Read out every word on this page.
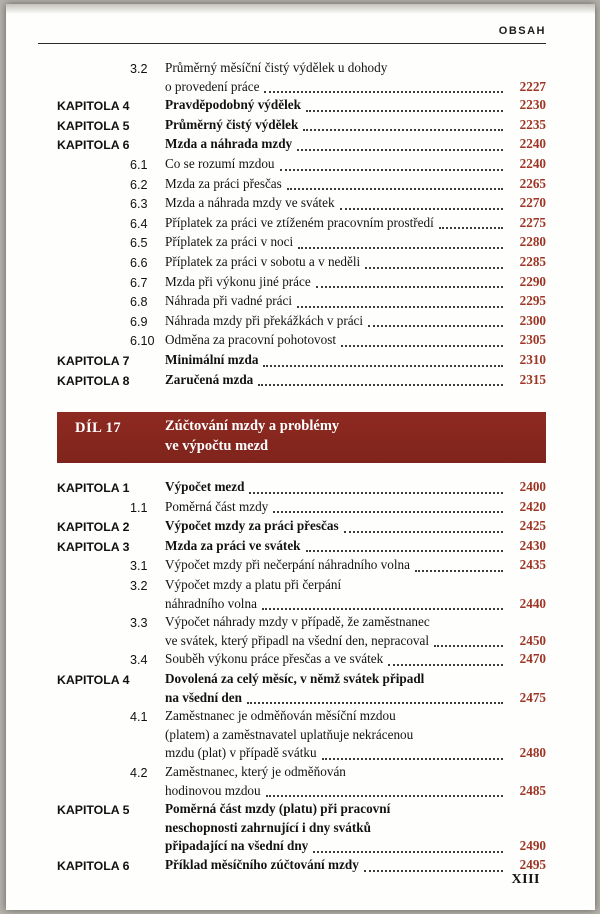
OBSAH
3.2	Průměrný měsíční čistý výdělek u dohody
o provedení práce	2227
KAPITOLA 4	Pravděpodobný výdělek	2230
KAPITOLA 5	Průměrný čistý výdělek	2235
KAPITOLA 6	Mzda a náhrada mzdy	2240
6.1	Co se rozumí mzdou	2240
6.2	Mzda za práci přesčas	2265
6.3	Mzda a náhrada mzdy ve svátek	2270
6.4	Příplatek za práci ve ztíženém pracovním prostředí	2275
6.5	Příplatek za práci v noci	2280
6.6	Příplatek za práci v sobotu a v neděli	2285
6.7	Mzda při výkonu jiné práce	2290
6.8	Náhrada při vadné práci	2295
6.9	Náhrada mzdy při překážkách v práci	2300
6.10 Odměna za pracovní pohotovost	2305
KAPITOLA 7	Minimální mzda	2310
KAPITOLA 8	Zaručená mzda	2315
DÍL 17	Zúčtování mzdy a problémy
ve výpočtu mezd
KAPITOLA 1	Výpočet mezd	2400
1.1	Poměrná část mzdy	2420
KAPITOLA 2	Výpočet mzdy za práci přesčas	2425
KAPITOLA 3	Mzda za práci ve svátek	2430
3.1	Výpočet mzdy při nečerpání náhradního volna	2435
3.2	Výpočet mzdy a platu při čerpání
náhradního volna	2440
3.3	Výpočet náhrady mzdy v případě, že zaměstnanec
ve svátek, který připadl na všední den, nepracoval	2450
3.4	Souběh výkonu práce přesčas a ve svátek	2470
KAPITOLA 4	Dovolená za celý měsíc, v němž svátek připadl
na všední den	2475
4.1	Zaměstnanec je odměňován měsíční mzdou
(platem) a zaměstnavatel uplatňuje nekrácenou
mzdu (plat) v případě svátku	2480
4.2	Zaměstnanec, který je odměňován
hodinovou mzdou	2485
KAPITOLA 5	Poměrná část mzdy (platu) při pracovní
neschopnosti zahrnující i dny svátků
připadající na všední dny	2490
KAPITOLA 6	Příklad měsíčního zúčtování mzdy	2495
XIII
